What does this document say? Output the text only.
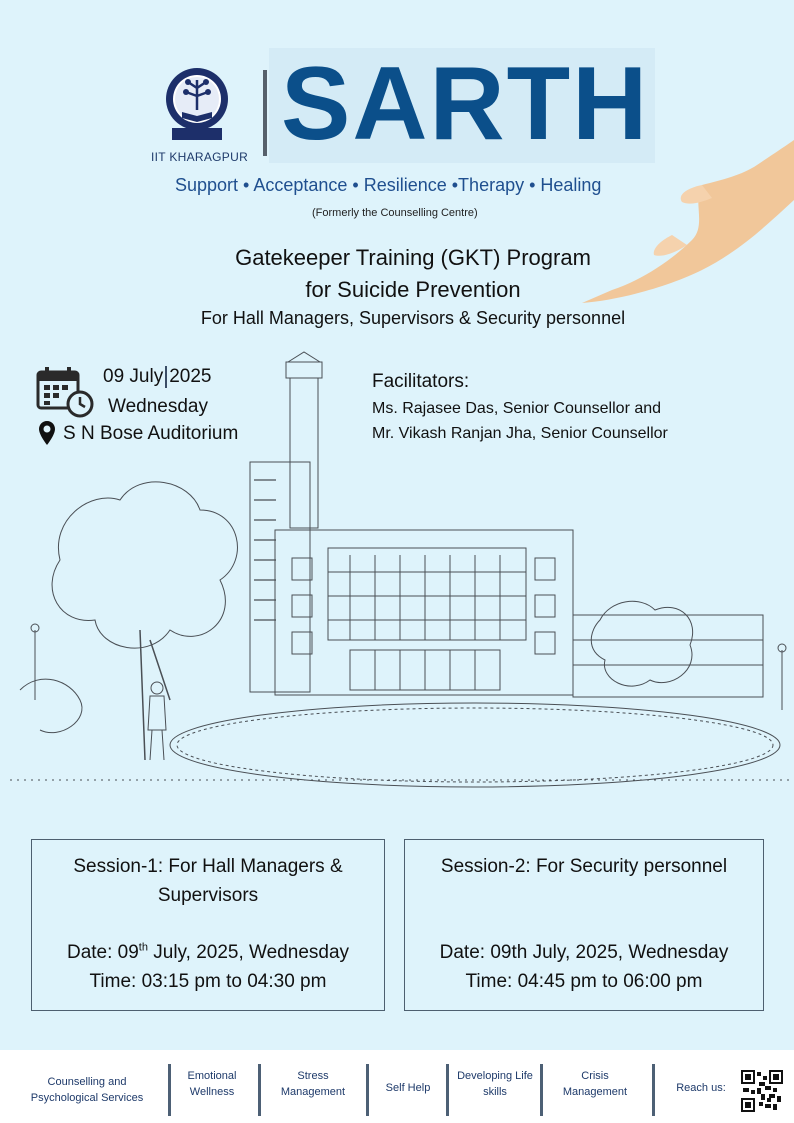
IIT KHARAGPUR SARTH
Support • Acceptance • Resilience •Therapy • Healing
(Formerly the Counselling Centre)
Gatekeeper Training (GKT) Program
for Suicide Prevention
For Hall Managers, Supervisors & Security personnel
09 July 2025
Wednesday
S N Bose Auditorium
Facilitators:
Ms. Rajasee Das, Senior Counsellor and
Mr. Vikash Ranjan Jha, Senior Counsellor
Session-1: For Hall Managers & Supervisors
Date: 09th July, 2025, Wednesday
Time: 03:15 pm to 04:30 pm
Session-2: For Security personnel
Date: 09th July, 2025, Wednesday
Time: 04:45 pm to 06:00 pm
Counselling and Psychological Services
Emotional Wellness
Stress Management	Self Help
Developing Life skills
Crisis Management	Reach us:
